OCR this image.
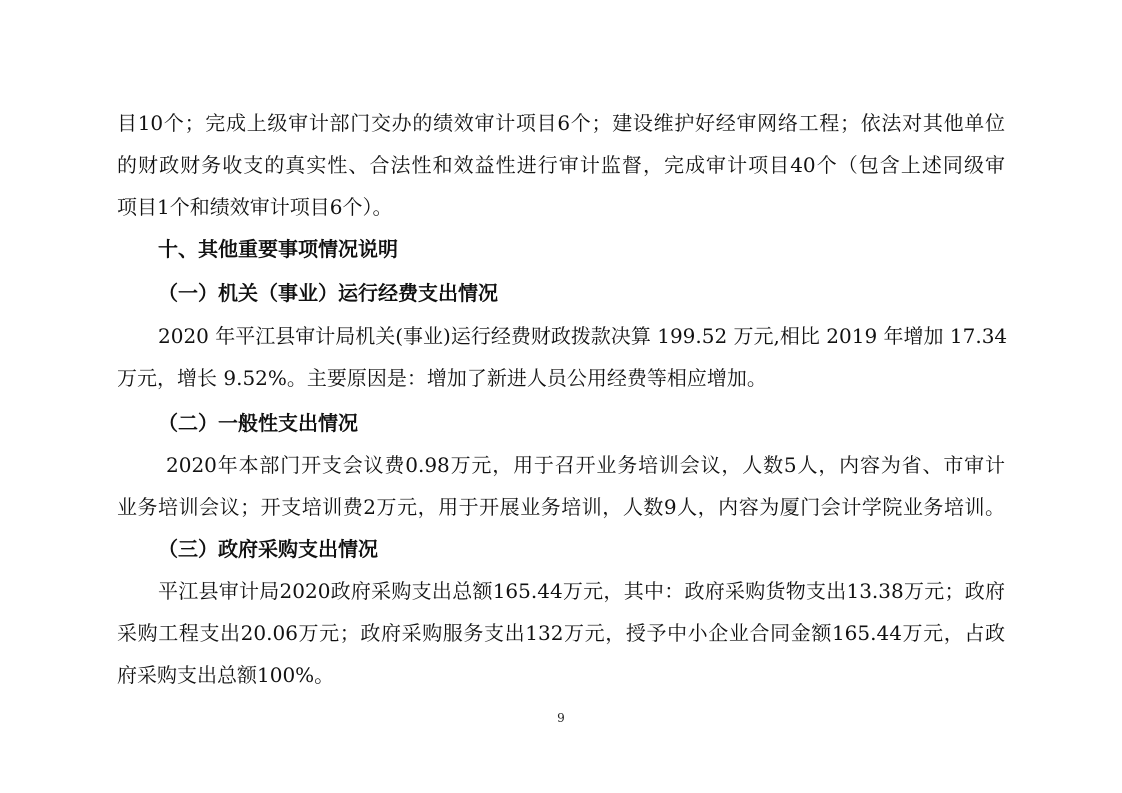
目10个；完成上级审计部门交办的绩效审计项目6个；建设维护好经审网络工程；依法对其他单位

的财政财务收支的真实性、合法性和效益性进行审计监督，完成审计项目40个（包含上述同级审

项目1个和绩效审计项目6个）。

十、其他重要事项情况说明

（一）机关（事业）运行经费支出情况

2020 年平江县审计局机关(事业)运行经费财政拨款决算 199.52 万元,相比 2019 年增加 17.34

万元，增长 9.52%。主要原因是：增加了新进人员公用经费等相应增加。

（二）一般性支出情况

2020年本部门开支会议费0.98万元，用于召开业务培训会议，人数5人，内容为省、市审计

业务培训会议；开支培训费2万元，用于开展业务培训，人数9人，内容为厦门会计学院业务培训。

（三）政府采购支出情况

平江县审计局2020政府采购支出总额165.44万元，其中：政府采购货物支出13.38万元；政府

采购工程支出20.06万元；政府采购服务支出132万元，授予中小企业合同金额165.44万元，占政

府采购支出总额100%。

9
